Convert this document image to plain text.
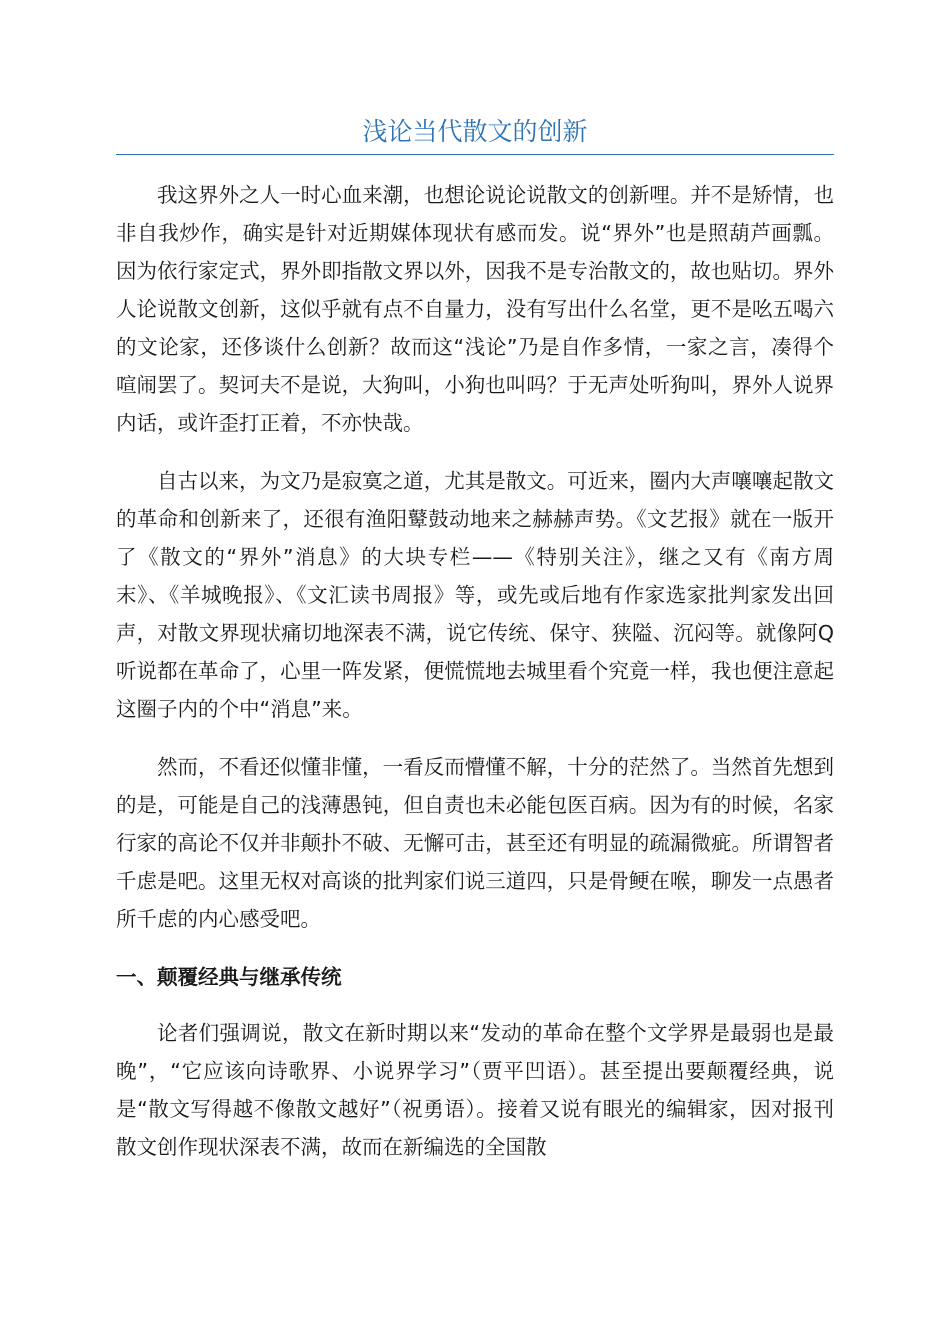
浅论当代散文的创新

我这界外之人一时心血来潮，也想论说论说散文的创新哩。并不是矫情，也非自我炒作，确实是针对近期媒体现状有感而发。说“界外”也是照葫芦画瓢。因为依行家定式，界外即指散文界以外，因我不是专治散文的，故也贴切。界外人论说散文创新，这似乎就有点不自量力，没有写出什么名堂，更不是吆五喝六的文论家，还侈谈什么创新？故而这“浅论”乃是自作多情，一家之言，凑得个喧闹罢了。契诃夫不是说，大狗叫，小狗也叫吗？于无声处听狗叫，界外人说界内话，或许歪打正着，不亦快哉。

自古以来，为文乃是寂寞之道，尤其是散文。可近来，圈内大声嚷嚷起散文的革命和创新来了，还很有渔阳鼙鼓动地来之赫赫声势。《文艺报》就在一版开了《散文的“界外”消息》的大块专栏——《特别关注》，继之又有《南方周末》、《羊城晚报》、《文汇读书周报》等，或先或后地有作家选家批判家发出回声，对散文界现状痛切地深表不满，说它传统、保守、狭隘、沉闷等。就像阿Q听说都在革命了，心里一阵发紧，便慌慌地去城里看个究竟一样，我也便注意起这圈子内的个中“消息”来。

然而，不看还似懂非懂，一看反而懵懂不解，十分的茫然了。当然首先想到的是，可能是自己的浅薄愚钝，但自责也未必能包医百病。因为有的时候，名家行家的高论不仅并非颠扑不破、无懈可击，甚至还有明显的疏漏微疵。所谓智者千虑是吧。这里无权对高谈的批判家们说三道四，只是骨鲠在喉，聊发一点愚者所千虑的内心感受吧。

一、颠覆经典与继承传统

论者们强调说，散文在新时期以来“发动的革命在整个文学界是最弱也是最晚”，“它应该向诗歌界、小说界学习”（贾平凹语）。甚至提出要颠覆经典，说是“散文写得越不像散文越好”（祝勇语）。接着又说有眼光的编辑家，因对报刊散文创作现状深表不满，故而在新编选的全国散
